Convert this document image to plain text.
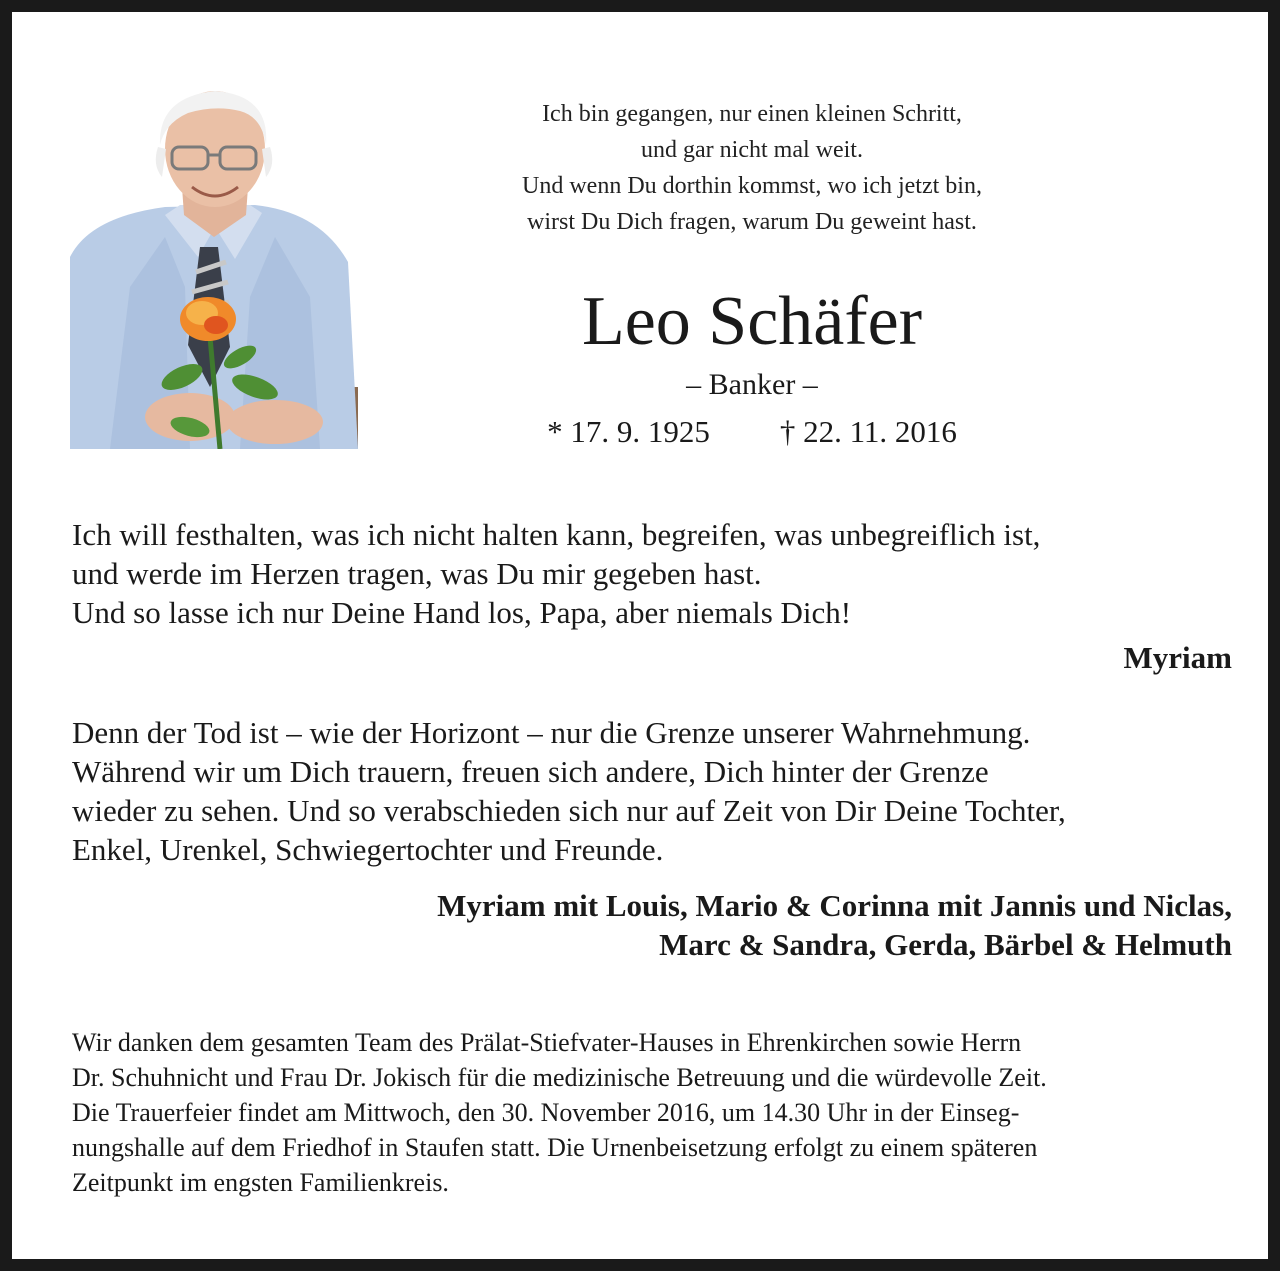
Ich bin gegangen, nur einen kleinen Schritt,
und gar nicht mal weit.
Und wenn Du dorthin kommst, wo ich jetzt bin,
wirst Du Dich fragen, warum Du geweint hast.
Leo Schäfer
– Banker –
* 17. 9. 1925 † 22. 11. 2016
Ich will festhalten, was ich nicht halten kann, begreifen, was unbegreiflich ist,
und werde im Herzen tragen, was Du mir gegeben hast.
Und so lasse ich nur Deine Hand los, Papa, aber niemals Dich!
Myriam
Denn der Tod ist – wie der Horizont – nur die Grenze unserer Wahrnehmung.
Während wir um Dich trauern, freuen sich andere, Dich hinter der Grenze
wieder zu sehen. Und so verabschieden sich nur auf Zeit von Dir Deine Tochter,
Enkel, Urenkel, Schwiegertochter und Freunde.
Myriam mit Louis, Mario & Corinna mit Jannis und Niclas,
Marc & Sandra, Gerda, Bärbel & Helmuth
Wir danken dem gesamten Team des Prälat-Stiefvater-Hauses in Ehrenkirchen sowie Herrn
Dr. Schuhnicht und Frau Dr. Jokisch für die medizinische Betreuung und die würdevolle Zeit.
Die Trauerfeier findet am Mittwoch, den 30. November 2016, um 14.30 Uhr in der Einseg-
nungshalle auf dem Friedhof in Staufen statt. Die Urnenbeisetzung erfolgt zu einem späteren
Zeitpunkt im engsten Familienkreis.
